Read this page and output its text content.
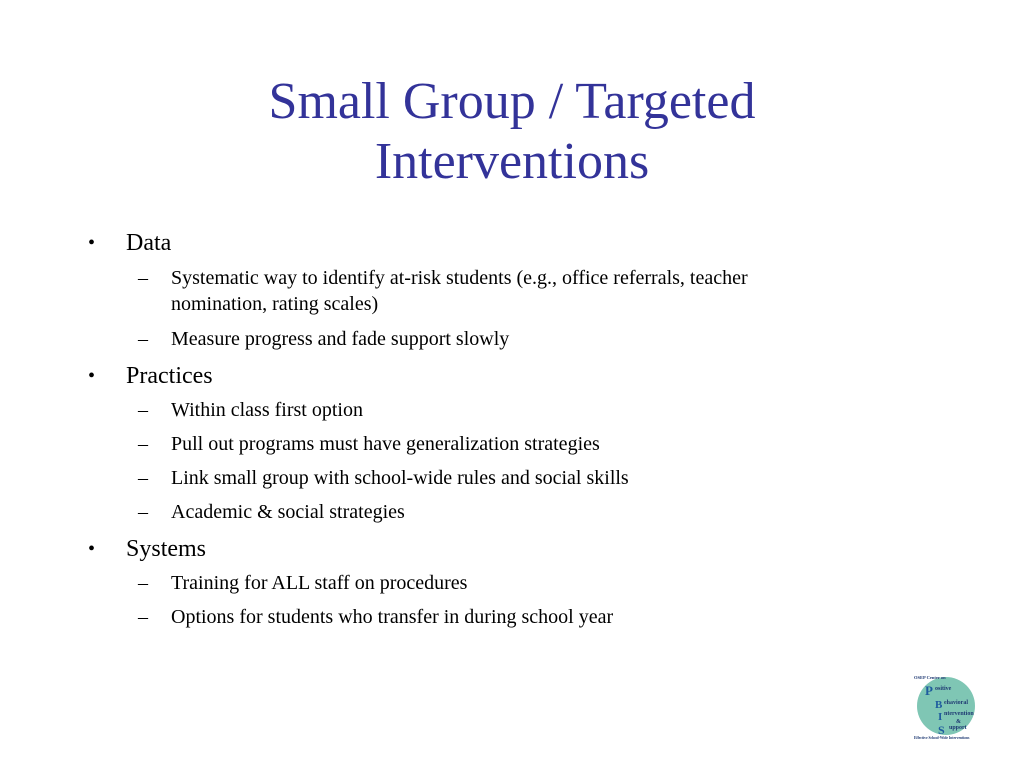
Small Group / Targeted
Interventions
• Data
– Systematic way to identify at-risk students (e.g., office referrals, teacher
nomination, rating scales)
– Measure progress and fade support slowly
• Practices
– Within class first option
– Pull out programs must have generalization strategies
– Link small group with school-wide rules and social skills
– Academic & social strategies
• Systems
– Training for ALL staff on procedures
– Options for students who transfer in during school year
OSEP Center on
P
B
I
S
ositive
ehavioral
ntervention
&
upport
Effective School-Wide Interventions
